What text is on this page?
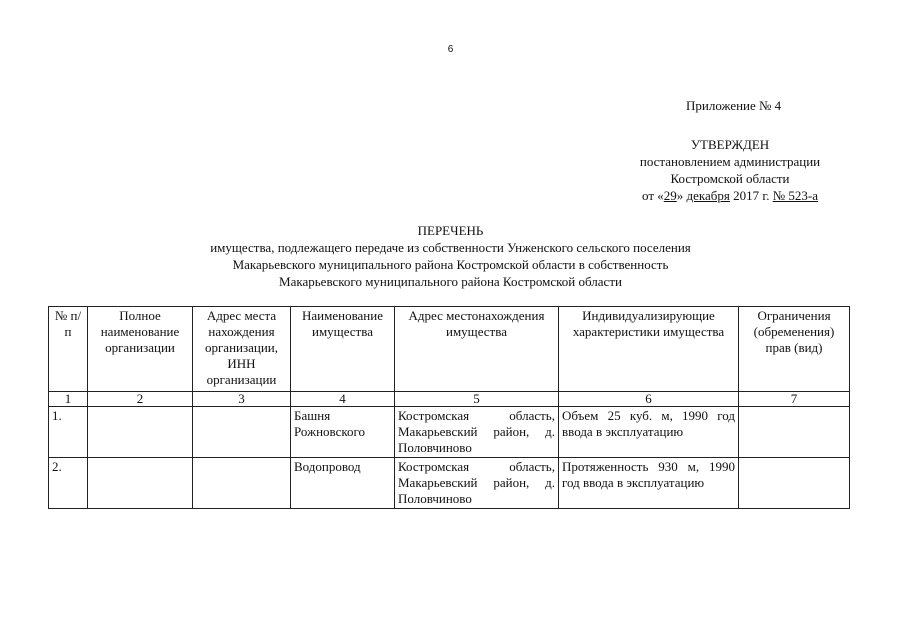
6
Приложение № 4
УТВЕРЖДЕН
постановлением администрации
Костромской области
от «29» декабря 2017 г. № 523-а
ПЕРЕЧЕНЬ
имущества, подлежащего передаче из собственности Унженского сельского поселения
Макарьевского муниципального района Костромской области в собственность
Макарьевского муниципального района Костромской области
№ п/п	Полное наименование организации	Адрес места нахождения организации, ИНН организации	Наименование имущества	Адрес местонахождения имущества	Индивидуализирующие характеристики имущества	Ограничения (обременения) прав (вид)
1	2	3	4	5	6	7
1.			Башня Рожновского	Костромская область, Макарьевский район, д. Половчиново	Объем 25 куб. м, 1990 год ввода в эксплуатацию	
2.			Водопровод	Костромская область, Макарьевский район, д. Половчиново	Протяженность 930 м, 1990 год ввода в эксплуатацию	
